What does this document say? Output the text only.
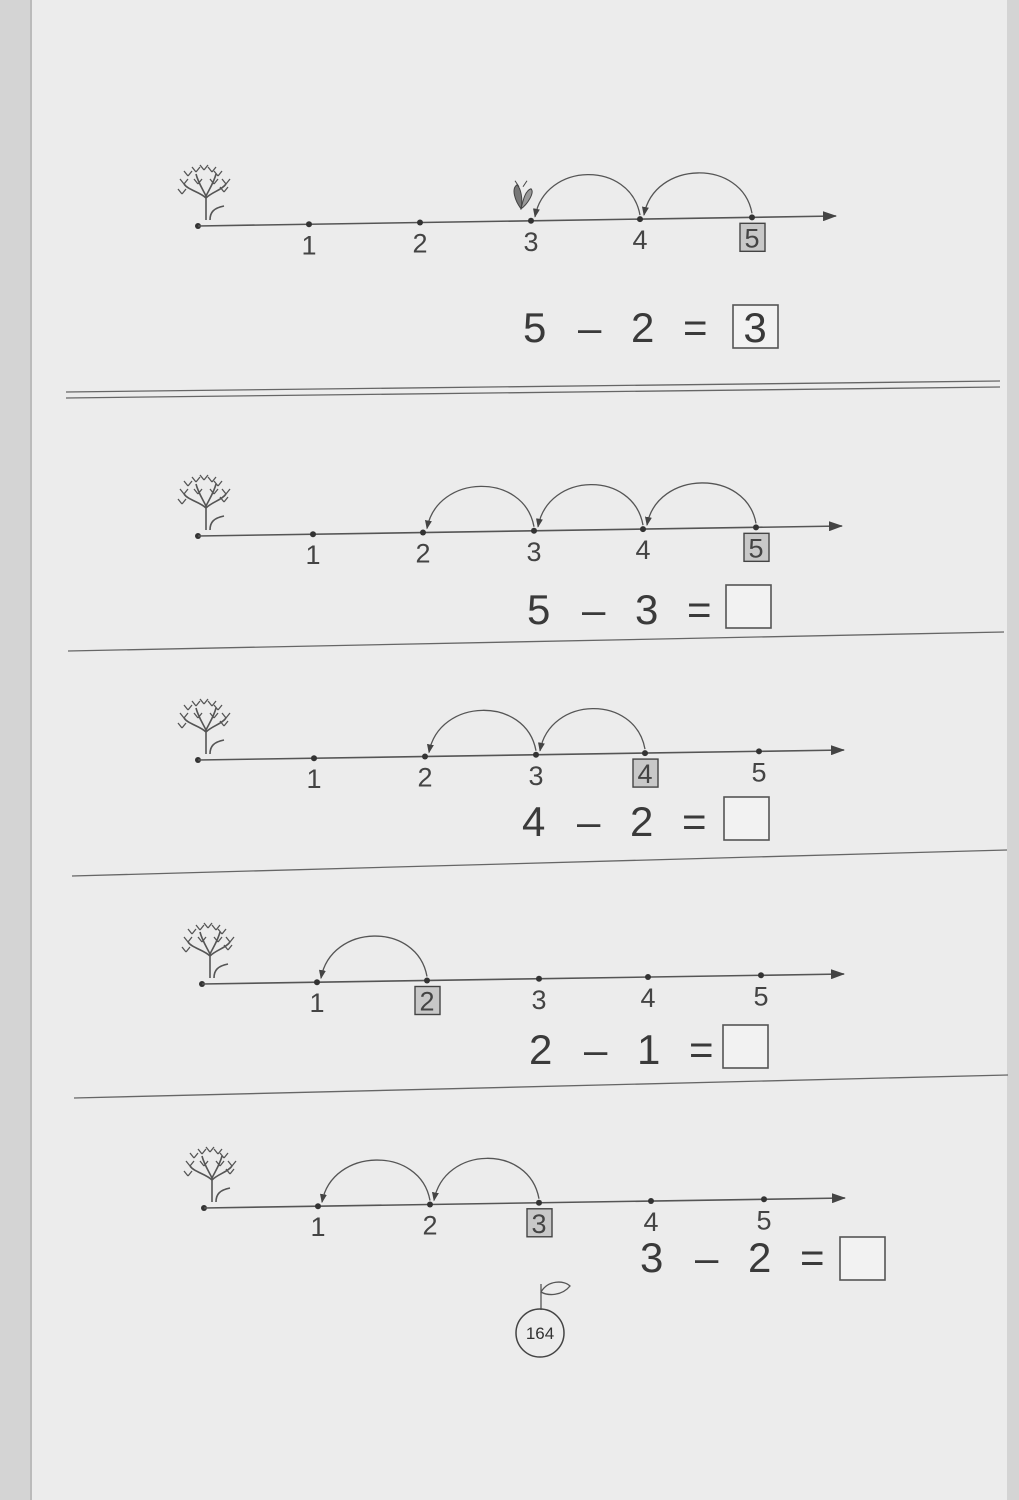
1	2	3	4	5
5 – 2 = 3
1	2	3	4	5
5 – 3 =
1	2	3	4	5
4 – 2 =
1	2	3	4	5
2 – 1 =
1	2	3	4	5
3 – 2 =
164
